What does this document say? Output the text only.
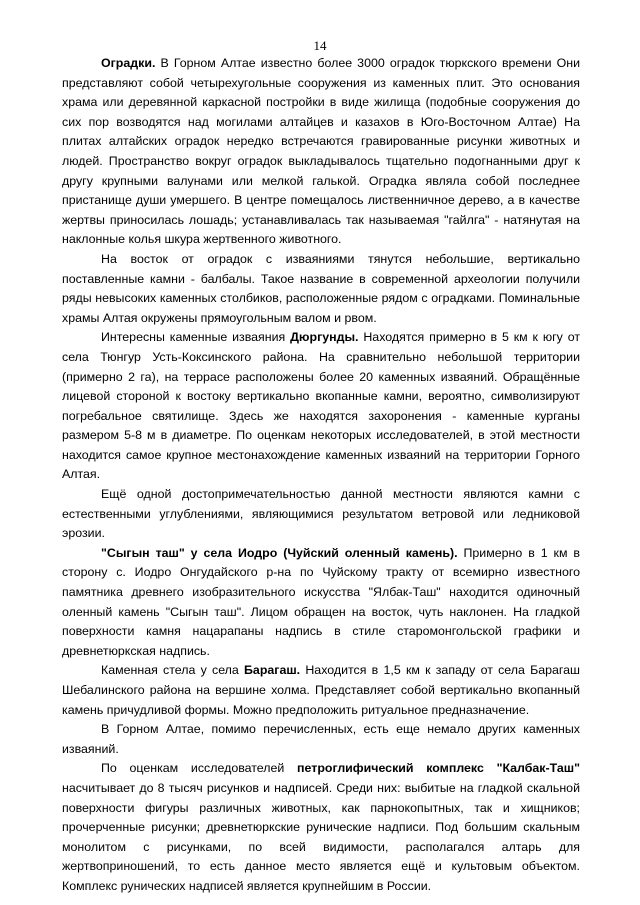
14

Оградки. В Горном Алтае известно более 3000 оградок тюркского времени Они представляют собой четырехугольные сооружения из каменных плит. Это основания храма или деревянной каркасной постройки в виде жилища (подобные сооружения до сих пор возводятся над могилами алтайцев и казахов в Юго-Восточном Алтае) На плитах алтайских оградок нередко встречаются гравированные рисунки животных и людей. Пространство вокруг оградок выкладывалось тщательно подогнанными друг к другу крупными валунами или мелкой галькой. Оградка являла собой последнее пристанище души умершего. В центре помещалось лиственничное дерево, а в качестве жертвы приносилась лошадь; устанавливалась так называемая "гайлга" - натянутая на наклонные колья шкура жертвенного животного.

На восток от оградок с изваяниями тянутся небольшие, вертикально поставленные камни - балбалы. Такое название в современной археологии получили ряды невысоких каменных столбиков, расположенные рядом с оградками. Поминальные храмы Алтая окружены прямоугольным валом и рвом.

Интересны каменные изваяния Дюргунды. Находятся примерно в 5 км к югу от села Тюнгур Усть-Коксинского района. На сравнительно небольшой территории (примерно 2 га), на террасе расположены более 20 каменных изваяний. Обращённые лицевой стороной к востоку вертикально вкопанные камни, вероятно, символизируют погребальное святилище. Здесь же находятся захоронения - каменные курганы размером 5-8 м в диаметре. По оценкам некоторых исследователей, в этой местности находится самое крупное местонахождение каменных изваяний на территории Горного Алтая.

Ещё одной достопримечательностью данной местности являются камни с естественными углублениями, являющимися результатом ветровой или ледниковой эрозии.

"Сыгын таш" у села Иодро (Чуйский оленный камень). Примерно в 1 км в сторону с. Иодро Онгудайского р-на по Чуйскому тракту от всемирно известного памятника древнего изобразительного искусства "Ялбак-Таш" находится одиночный оленный камень "Сыгын таш". Лицом обращен на восток, чуть наклонен. На гладкой поверхности камня нацарапаны надпись в стиле старомонгольской графики и древнетюркская надпись.

Каменная стела у села Барагаш. Находится в 1,5 км к западу от села Барагаш Шебалинского района на вершине холма. Представляет собой вертикально вкопанный камень причудливой формы. Можно предположить ритуальное предназначение.

В Горном Алтае, помимо перечисленных, есть еще немало других каменных изваяний.

По оценкам исследователей петроглифический комплекс "Калбак-Таш" насчитывает до 8 тысяч рисунков и надписей. Среди них: выбитые на гладкой скальной поверхности фигуры различных животных, как парнокопытных, так и хищников; прочерченные рисунки; древнетюркские рунические надписи. Под большим скальным монолитом с рисунками, по всей видимости, располагался алтарь для жертвоприношений, то есть данное место является ещё и культовым объектом. Комплекс рунических надписей является крупнейшим в России.
